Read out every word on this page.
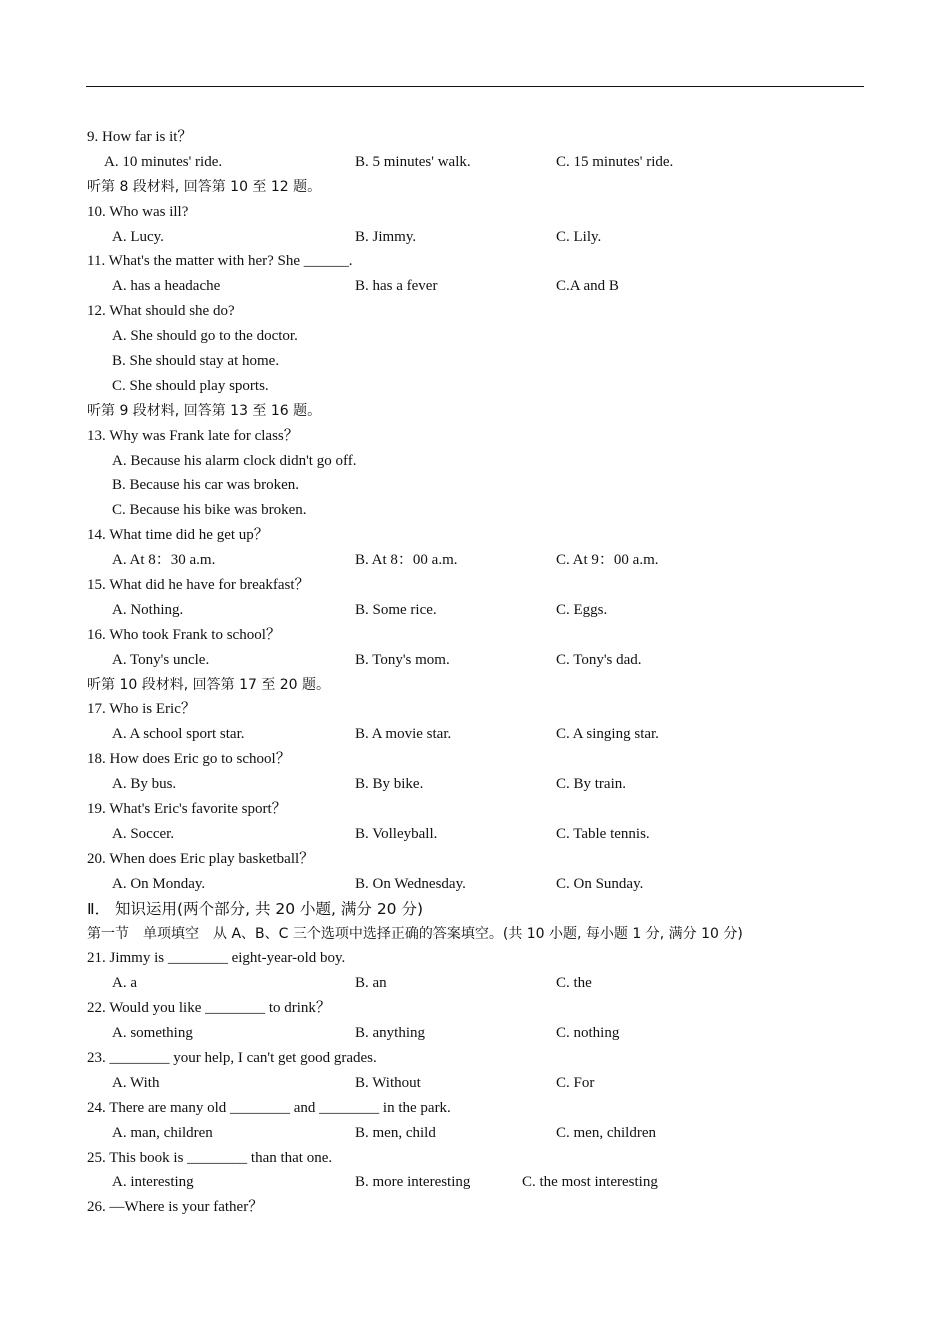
9. How far is it？
A. 10 minutes' ride.	B. 5 minutes' walk.	C. 15 minutes' ride.
听第 8 段材料, 回答第 10 至 12 题。
10. Who was ill?
A. Lucy.	B. Jimmy.	C. Lily.
11. What's the matter with her? She ______.
A. has a headache	B. has a fever	C.A and B
12. What should she do?
A. She should go to the doctor.
B. She should stay at home.
C. She should play sports.
听第 9 段材料, 回答第 13 至 16 题。
13. Why was Frank late for class？
A. Because his alarm clock didn't go off.
B. Because his car was broken.
C. Because his bike was broken.
14. What time did he get up？
A. At 8：30 a.m.	B. At 8：00 a.m.	C. At 9：00 a.m.
15. What did he have for breakfast？
A. Nothing.	B. Some rice.	C. Eggs.
16. Who took Frank to school？
A. Tony's uncle.	B. Tony's mom.	C. Tony's dad.
听第 10 段材料, 回答第 17 至 20 题。
17. Who is Eric？
A. A school sport star.	B. A movie star.	C. A singing star.
18. How does Eric go to school？
A. By bus.	B. By bike.	C. By train.
19. What's Eric's favorite sport？
A. Soccer.	B. Volleyball.	C. Table tennis.
20. When does Eric play basketball？
A. On Monday.	B. On Wednesday.	C. On Sunday.
Ⅱ． 知识运用(两个部分, 共 20 小题, 满分 20 分)
第一节　单项填空　从 A、B、C 三个选项中选择正确的答案填空。(共 10 小题, 每小题 1 分, 满分 10 分)
21. Jimmy is ________ eight-year-old boy.
A. a	B. an	C. the
22. Would you like ________ to drink？
A. something	B. anything	C. nothing
23. ________ your help, I can't get good grades.
A. With	B. Without	C. For
24. There are many old ________ and ________ in the park.
A. man, children	B. men, child	C. men, children
25. This book is ________ than that one.
A. interesting	B. more interesting	C. the most interesting
26. —Where is your father？
